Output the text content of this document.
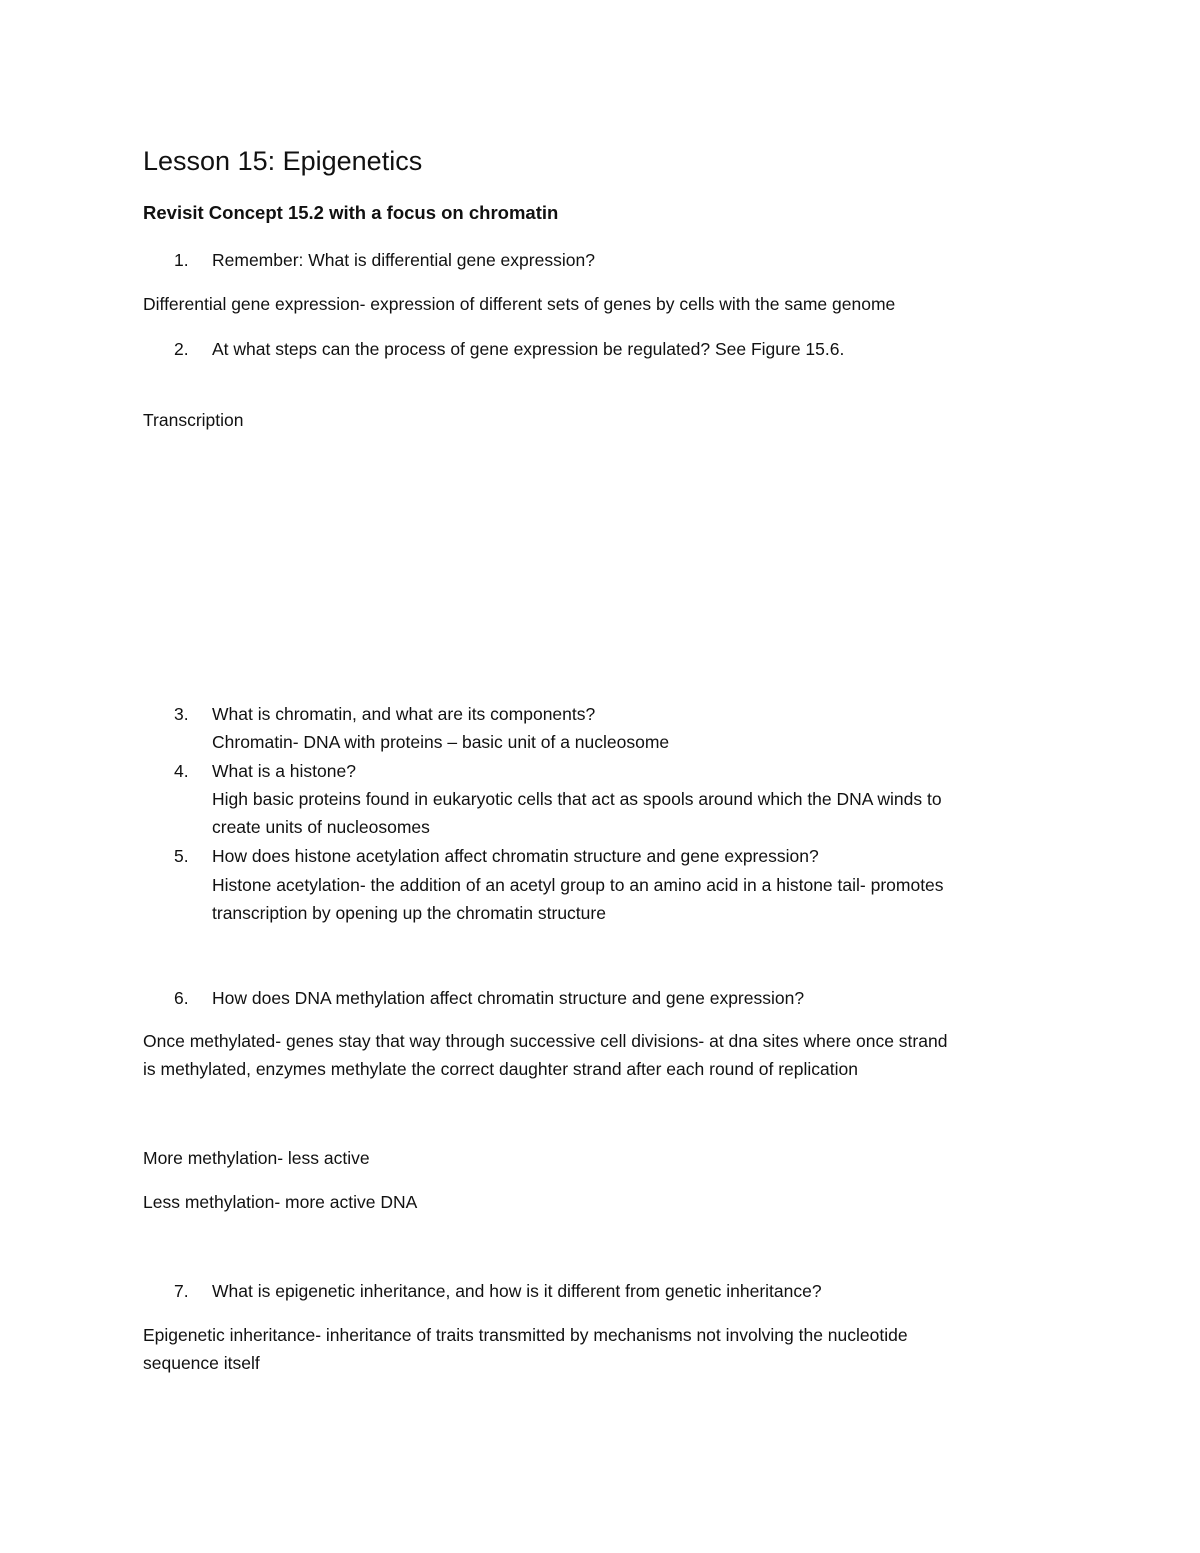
Lesson 15: Epigenetics
Revisit Concept 15.2 with a focus on chromatin
1.	Remember: What is differential gene expression?
Differential gene expression- expression of different sets of genes by cells with the same genome
2.	At what steps can the process of gene expression be regulated? See Figure 15.6.
Transcription
3.	What is chromatin, and what are its components?
Chromatin- DNA with proteins – basic unit of a nucleosome
4.	What is a histone?
High basic proteins found in eukaryotic cells that act as spools around which the DNA winds to
create units of nucleosomes
5.	How does histone acetylation affect chromatin structure and gene expression?
Histone acetylation- the addition of an acetyl group to an amino acid in a histone tail- promotes
transcription by opening up the chromatin structure
6.	How does DNA methylation affect chromatin structure and gene expression?
Once methylated- genes stay that way through successive cell divisions- at dna sites where once strand
is methylated, enzymes methylate the correct daughter strand after each round of replication
More methylation- less active
Less methylation- more active DNA
7.	What is epigenetic inheritance, and how is it different from genetic inheritance?
Epigenetic inheritance- inheritance of traits transmitted by mechanisms not involving the nucleotide
sequence itself
